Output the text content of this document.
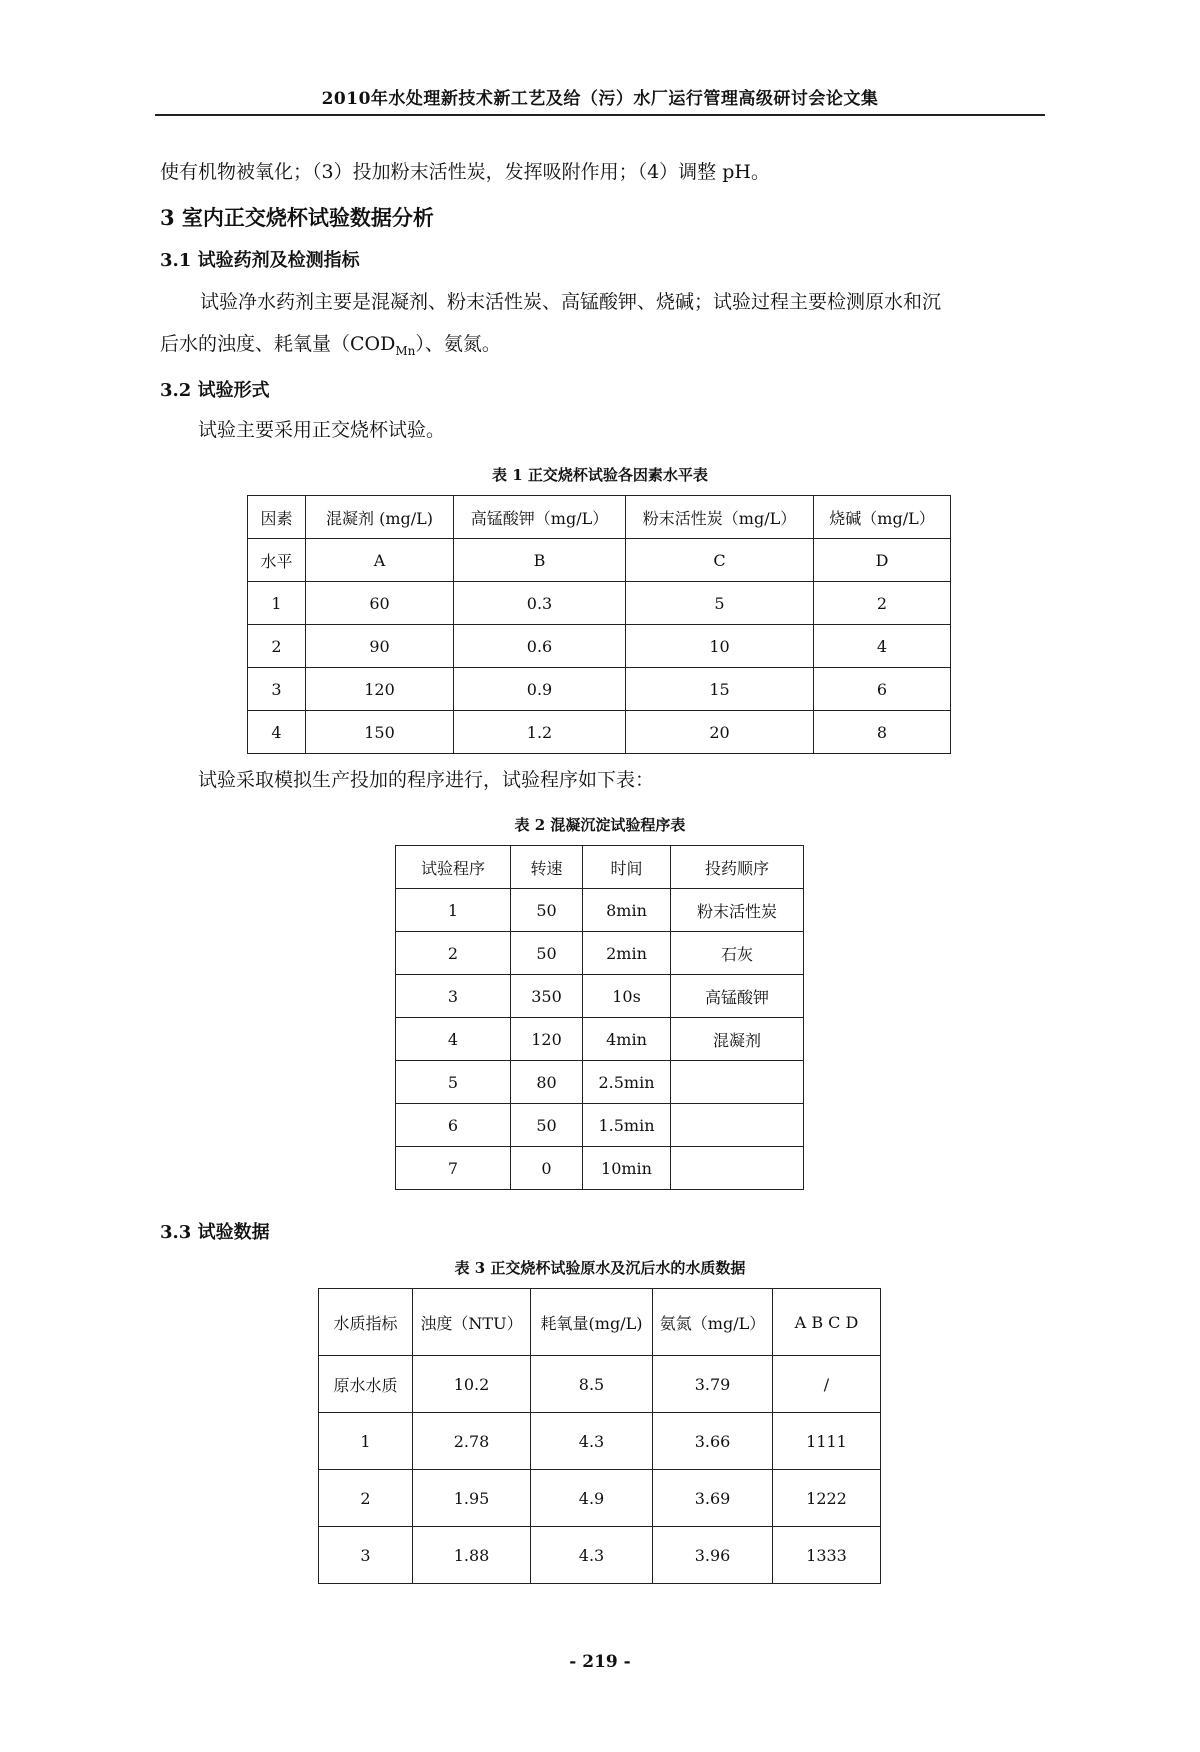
2010年水处理新技术新工艺及给（污）水厂运行管理高级研讨会论文集
使有机物被氧化；（3）投加粉末活性炭，发挥吸附作用；（4）调整 pH。
3 室内正交烧杯试验数据分析
3.1 试验药剂及检测指标
试验净水药剂主要是混凝剂、粉末活性炭、高锰酸钾、烧碱；试验过程主要检测原水和沉
后水的浊度、耗氧量$(COD_{Mn})$、氨氮。
3.2 试验形式
试验主要采用正交烧杯试验。
表 1 正交烧杯试验各因素水平表
因素	混凝剂 (mg/L)	高锰酸钾（mg/L）	粉末活性炭（mg/L）	烧碱（mg/L）
水平	A	B	C	D
1	60	0.3	5	2
2	90	0.6	10	4
3	120	0.9	15	6
4	150	1.2	20	8
试验采取模拟生产投加的程序进行，试验程序如下表：
表 2 混凝沉淀试验程序表
试验程序	转速	时间	投药顺序
1	50	8min	粉末活性炭
2	50	2min	石灰
3	350	10s	高锰酸钾
4	120	4min	混凝剂
5	80	2.5min	
6	50	1.5min	
7	0	10min	
3.3 试验数据
表 3 正交烧杯试验原水及沉后水的水质数据
水质指标	浊度（NTU）	耗氧量(mg/L)	氨氮（mg/L）	A B C D
原水水质	10.2	8.5	3.79	/
1	2.78	4.3	3.66	1111
2	1.95	4.9	3.69	1222
3	1.88	4.3	3.96	1333
- 219 -
